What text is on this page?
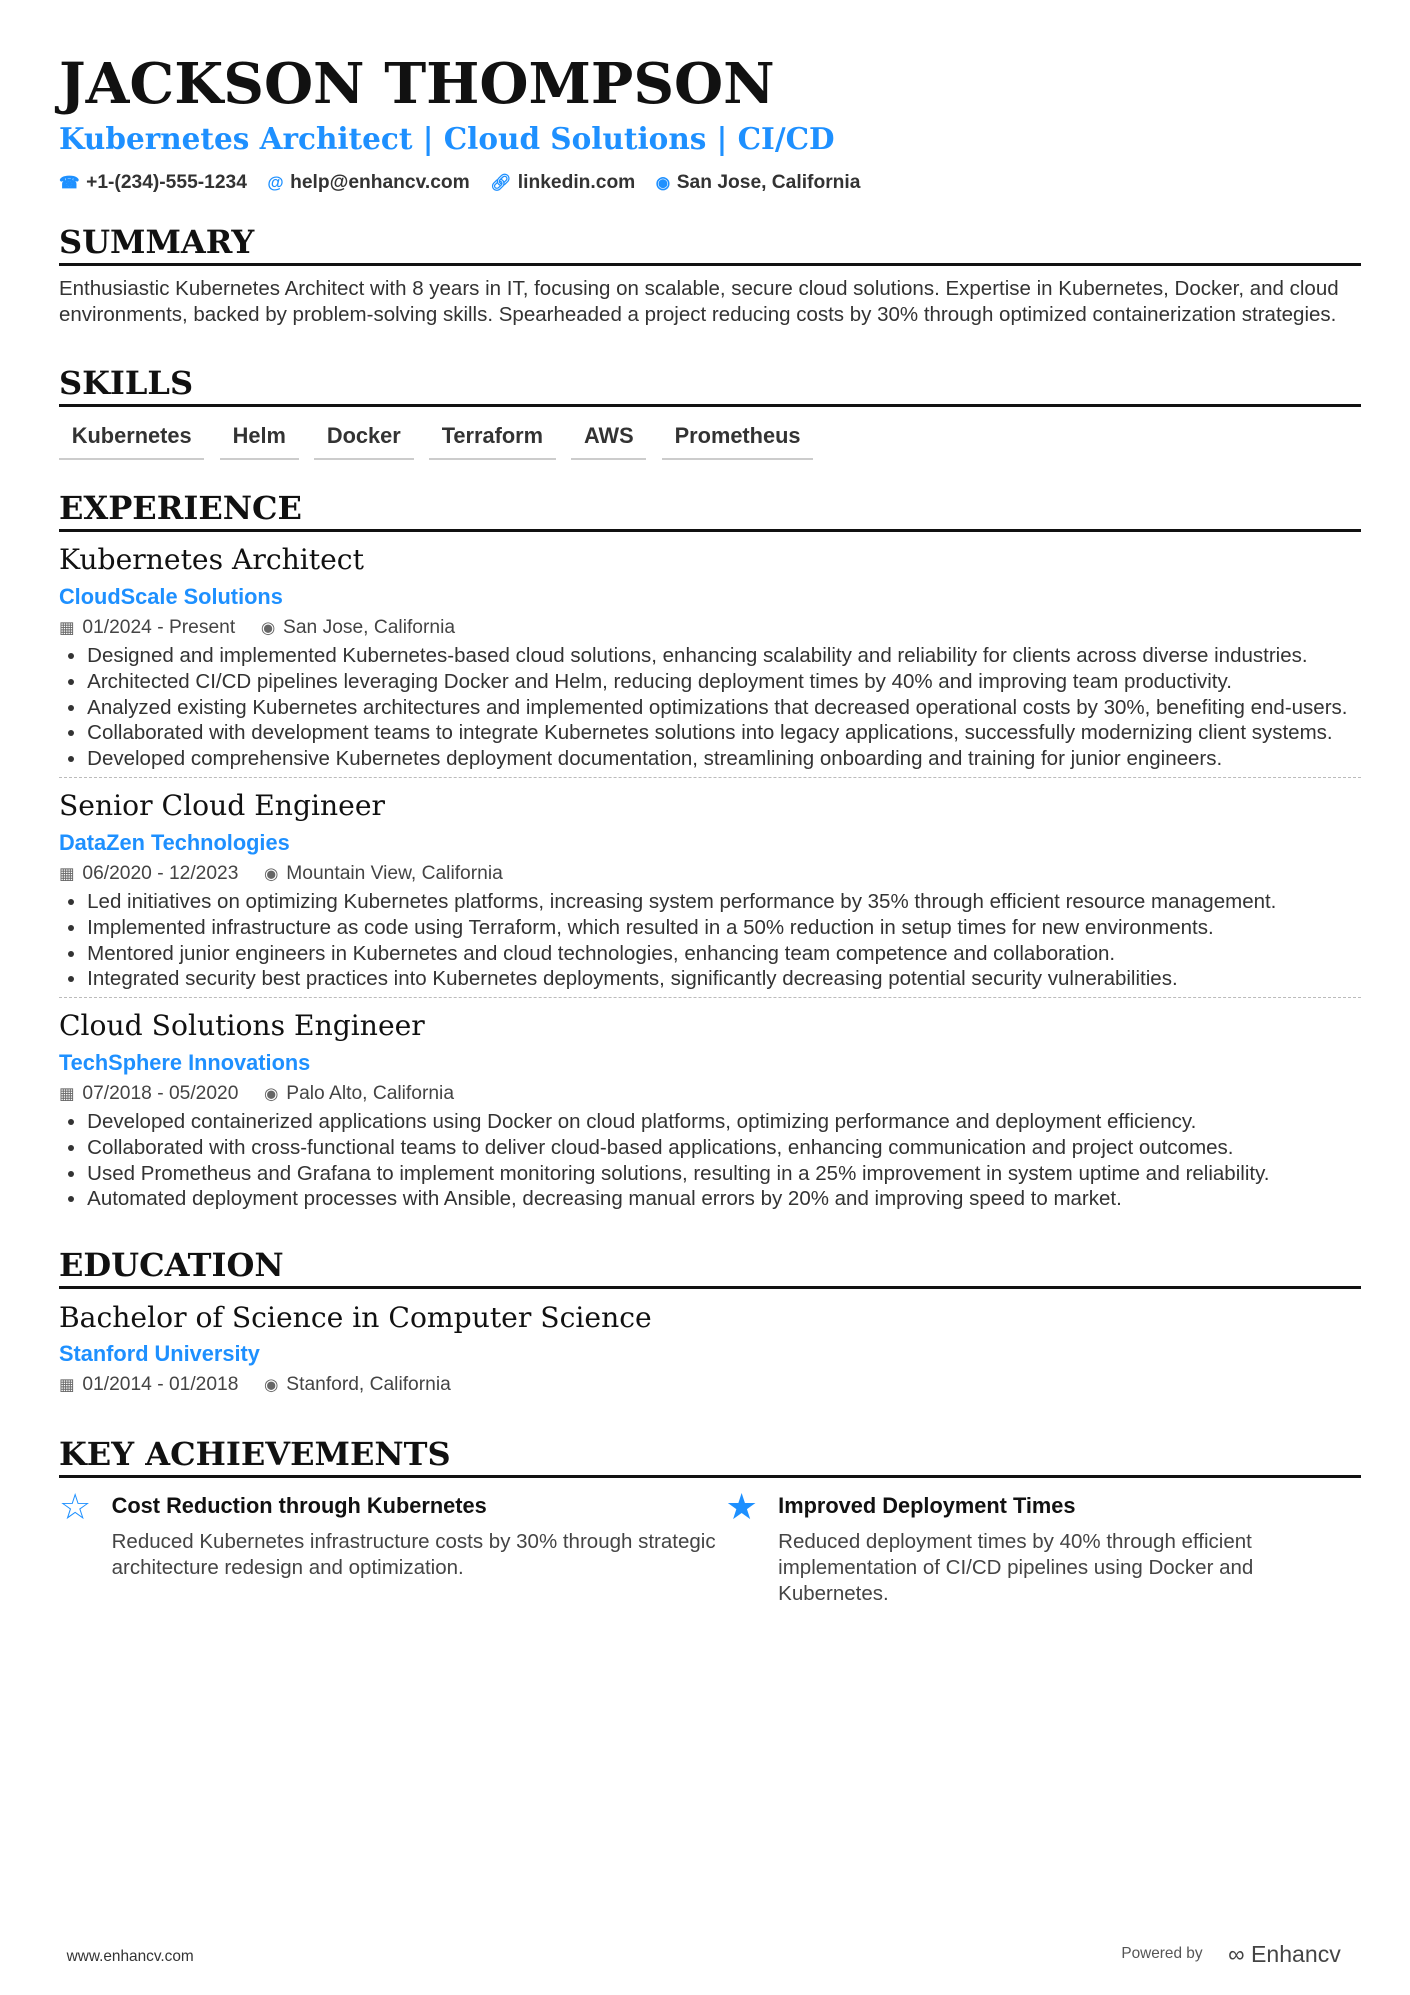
JACKSON THOMPSON
Kubernetes Architect | Cloud Solutions | CI/CD
☎ +1-(234)-555-1234 @ help@enhancv.com 🔗︎ linkedin.com ◉ San Jose, California
SUMMARY
Enthusiastic Kubernetes Architect with 8 years in IT, focusing on scalable, secure cloud solutions. Expertise in Kubernetes, Docker, and cloud environments, backed by problem-solving skills. Spearheaded a project reducing costs by 30% through optimized containerization strategies.
SKILLS
Kubernetes	Helm	Docker	Terraform	AWS	Prometheus
EXPERIENCE
Kubernetes Architect
CloudScale Solutions
▦ 01/2024 - Present ◉ San Jose, California
• Designed and implemented Kubernetes-based cloud solutions, enhancing scalability and reliability for clients across diverse industries.
• Architected CI/CD pipelines leveraging Docker and Helm, reducing deployment times by 40% and improving team productivity.
• Analyzed existing Kubernetes architectures and implemented optimizations that decreased operational costs by 30%, benefiting end-users.
• Collaborated with development teams to integrate Kubernetes solutions into legacy applications, successfully modernizing client systems.
• Developed comprehensive Kubernetes deployment documentation, streamlining onboarding and training for junior engineers.
Senior Cloud Engineer
DataZen Technologies
▦ 06/2020 - 12/2023 ◉ Mountain View, California
• Led initiatives on optimizing Kubernetes platforms, increasing system performance by 35% through efficient resource management.
• Implemented infrastructure as code using Terraform, which resulted in a 50% reduction in setup times for new environments.
• Mentored junior engineers in Kubernetes and cloud technologies, enhancing team competence and collaboration.
• Integrated security best practices into Kubernetes deployments, significantly decreasing potential security vulnerabilities.
Cloud Solutions Engineer
TechSphere Innovations
▦ 07/2018 - 05/2020 ◉ Palo Alto, California
• Developed containerized applications using Docker on cloud platforms, optimizing performance and deployment efficiency.
• Collaborated with cross-functional teams to deliver cloud-based applications, enhancing communication and project outcomes.
• Used Prometheus and Grafana to implement monitoring solutions, resulting in a 25% improvement in system uptime and reliability.
• Automated deployment processes with Ansible, decreasing manual errors by 20% and improving speed to market.
EDUCATION
Bachelor of Science in Computer Science
Stanford University
▦ 01/2014 - 01/2018 ◉ Stanford, California
KEY ACHIEVEMENTS
☆ Cost Reduction through Kubernetes
Reduced Kubernetes infrastructure costs by 30% through strategic architecture redesign and optimization.
★ Improved Deployment Times
Reduced deployment times by 40% through efficient implementation of CI/CD pipelines using Docker and Kubernetes.
www.enhancv.com	Powered by ∞ Enhancv
